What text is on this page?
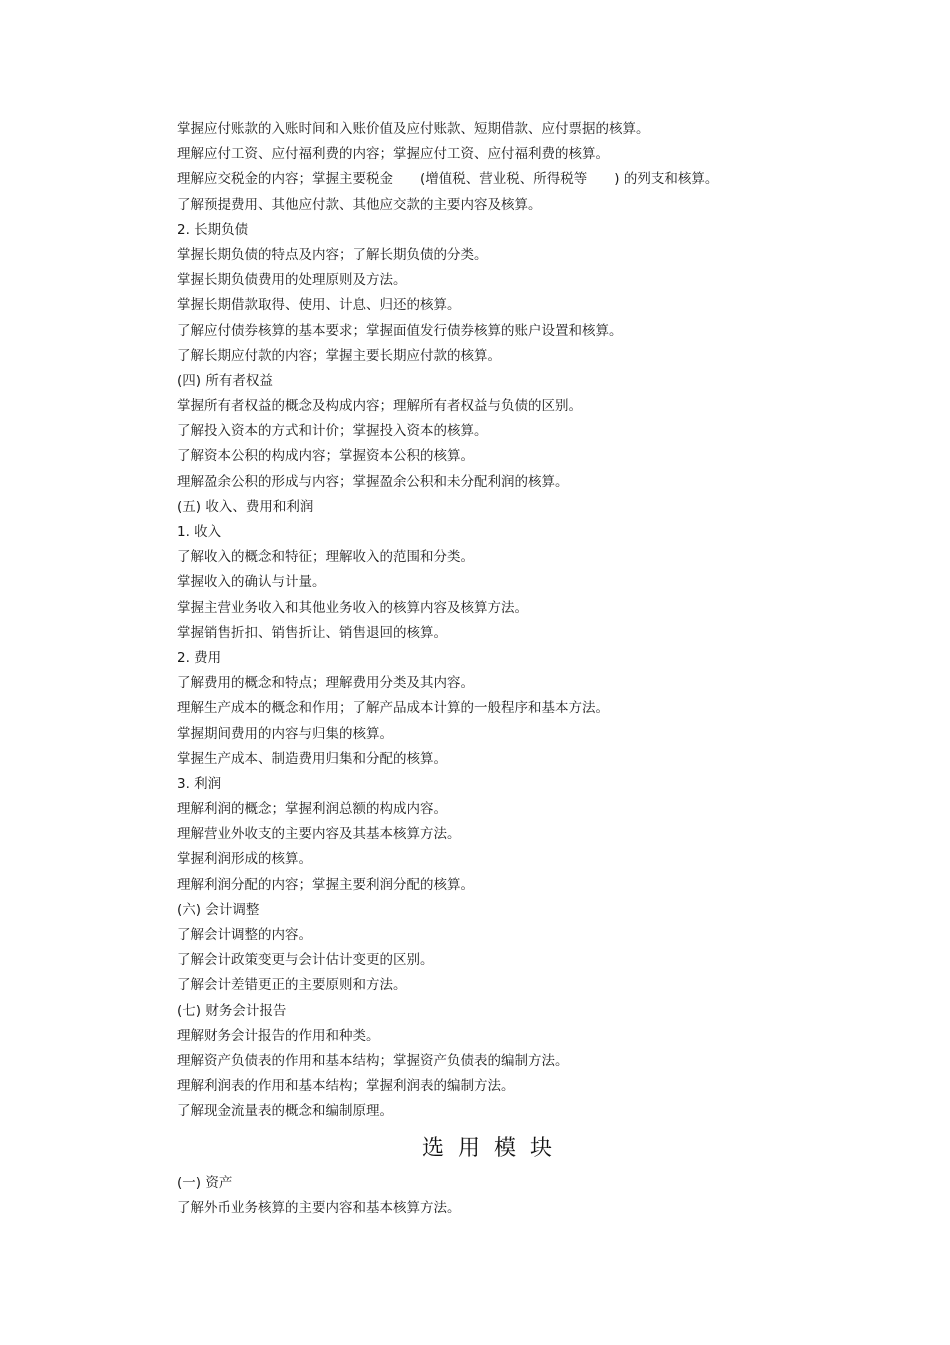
掌握应付账款的入账时间和入账价值及应付账款、短期借款、应付票据的核算。
理解应付工资、应付福利费的内容；掌握应付工资、应付福利费的核算。
理解应交税金的内容；掌握主要税金　　(增值税、营业税、所得税等　　) 的列支和核算。
了解预提费用、其他应付款、其他应交款的主要内容及核算。
2. 长期负债
掌握长期负债的特点及内容；了解长期负债的分类。
掌握长期负债费用的处理原则及方法。
掌握长期借款取得、使用、计息、归还的核算。
了解应付债券核算的基本要求；掌握面值发行债券核算的账户设置和核算。
了解长期应付款的内容；掌握主要长期应付款的核算。
(四) 所有者权益
掌握所有者权益的概念及构成内容；理解所有者权益与负债的区别。
了解投入资本的方式和计价；掌握投入资本的核算。
了解资本公积的构成内容；掌握资本公积的核算。
理解盈余公积的形成与内容；掌握盈余公积和未分配利润的核算。
(五) 收入、费用和利润
1. 收入
了解收入的概念和特征；理解收入的范围和分类。
掌握收入的确认与计量。
掌握主营业务收入和其他业务收入的核算内容及核算方法。
掌握销售折扣、销售折让、销售退回的核算。
2. 费用
了解费用的概念和特点；理解费用分类及其内容。
理解生产成本的概念和作用；了解产品成本计算的一般程序和基本方法。
掌握期间费用的内容与归集的核算。
掌握生产成本、制造费用归集和分配的核算。
3. 利润
理解利润的概念；掌握利润总额的构成内容。
理解营业外收支的主要内容及其基本核算方法。
掌握利润形成的核算。
理解利润分配的内容；掌握主要利润分配的核算。
(六) 会计调整
了解会计调整的内容。
了解会计政策变更与会计估计变更的区别。
了解会计差错更正的主要原则和方法。
(七) 财务会计报告
理解财务会计报告的作用和种类。
理解资产负债表的作用和基本结构；掌握资产负债表的编制方法。
理解利润表的作用和基本结构；掌握利润表的编制方法。
了解现金流量表的概念和编制原理。
选用模块
(一) 资产
了解外币业务核算的主要内容和基本核算方法。
